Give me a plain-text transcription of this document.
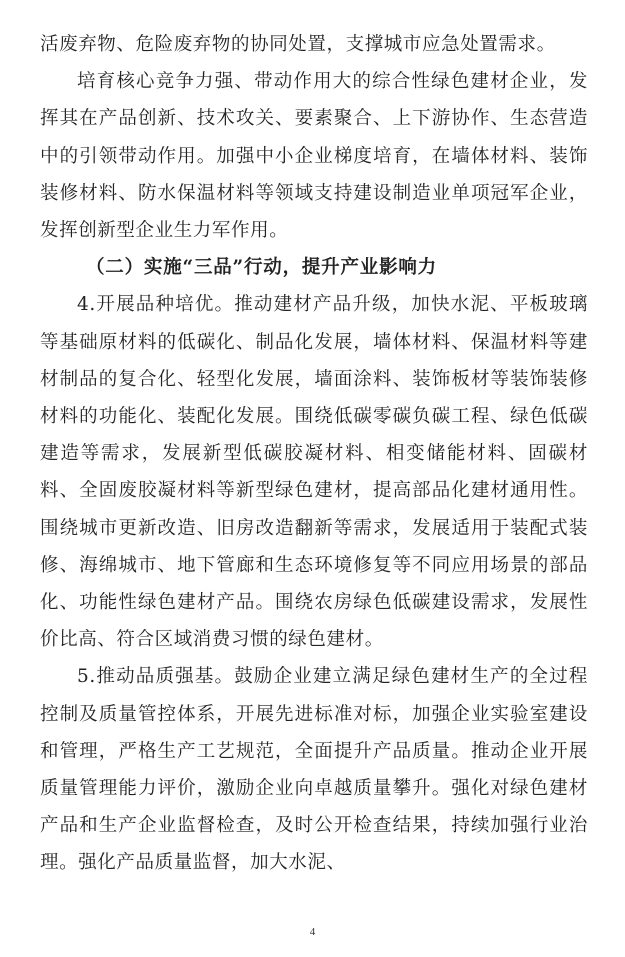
活废弃物、危险废弃物的协同处置，支撑城市应急处置需求。

培育核心竞争力强、带动作用大的综合性绿色建材企业，发挥其在产品创新、技术攻关、要素聚合、上下游协作、生态营造中的引领带动作用。加强中小企业梯度培育，在墙体材料、装饰装修材料、防水保温材料等领域支持建设制造业单项冠军企业，发挥创新型企业生力军作用。

（二）实施“三品”行动，提升产业影响力

4.开展品种培优。推动建材产品升级，加快水泥、平板玻璃等基础原材料的低碳化、制品化发展，墙体材料、保温材料等建材制品的复合化、轻型化发展，墙面涂料、装饰板材等装饰装修材料的功能化、装配化发展。围绕低碳零碳负碳工程、绿色低碳建造等需求，发展新型低碳胶凝材料、相变储能材料、固碳材料、全固废胶凝材料等新型绿色建材，提高部品化建材通用性。围绕城市更新改造、旧房改造翻新等需求，发展适用于装配式装修、海绵城市、地下管廊和生态环境修复等不同应用场景的部品化、功能性绿色建材产品。围绕农房绿色低碳建设需求，发展性价比高、符合区域消费习惯的绿色建材。

5.推动品质强基。鼓励企业建立满足绿色建材生产的全过程控制及质量管控体系，开展先进标准对标，加强企业实验室建设和管理，严格生产工艺规范，全面提升产品质量。推动企业开展质量管理能力评价，激励企业向卓越质量攀升。强化对绿色建材产品和生产企业监督检查，及时公开检查结果，持续加强行业治理。强化产品质量监督，加大水泥、

4
